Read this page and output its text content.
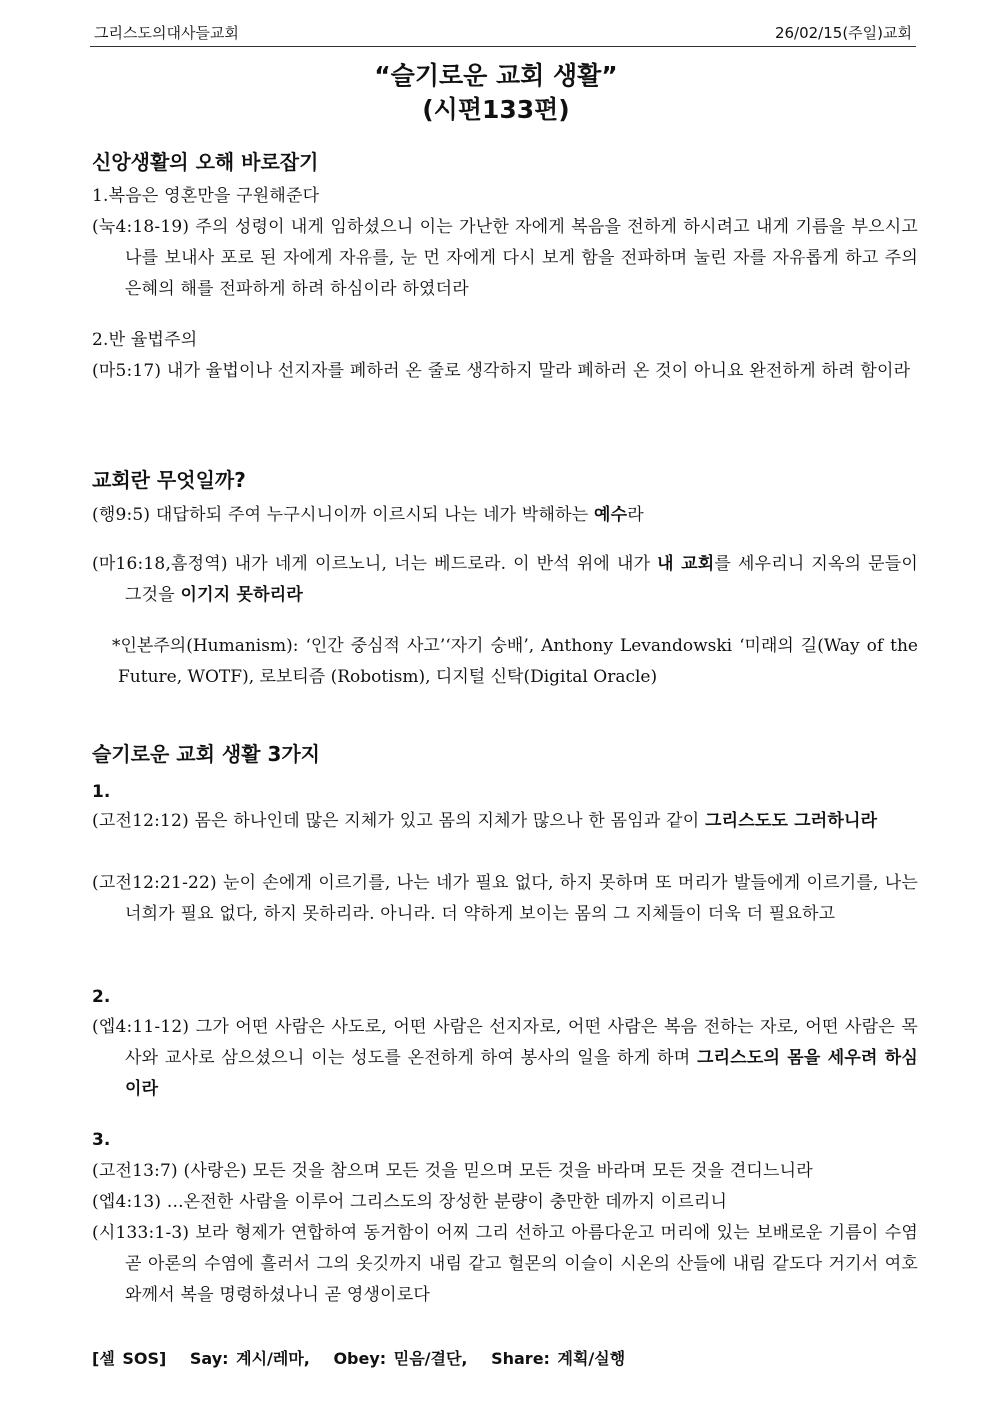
그리스도의대사들교회	26/02/15(주일)교회
“슬기로운 교회 생활”
(시편133편)
신앙생활의 오해 바로잡기
1.복음은 영혼만을 구원해준다
(눅4:18-19) 주의 성령이 내게 임하셨으니 이는 가난한 자에게 복음을 전하게 하시려고 내게 기름을 부으시고 나를 보내사 포로 된 자에게 자유를, 눈 먼 자에게 다시 보게 함을 전파하며 눌린 자를 자유롭게 하고 주의 은혜의 해를 전파하게 하려 하심이라 하였더라
2.반 율법주의
(마5:17) 내가 율법이나 선지자를 폐하러 온 줄로 생각하지 말라 폐하러 온 것이 아니요 완전하게 하려 함이라
교회란 무엇일까?
(행9:5) 대답하되 주여 누구시니이까 이르시되 나는 네가 박해하는 예수라
(마16:18,흠정역) 내가 네게 이르노니, 너는 베드로라. 이 반석 위에 내가 내 교회를 세우리니 지옥의 문들이 그것을 이기지 못하리라
*인본주의(Humanism): ‘인간 중심적 사고’‘자기 숭배’, Anthony Levandowski ‘미래의 길(Way of the Future, WOTF), 로보티즘 (Robotism), 디지털 신탁(Digital Oracle)
슬기로운 교회 생활 3가지
1.
(고전12:12) 몸은 하나인데 많은 지체가 있고 몸의 지체가 많으나 한 몸임과 같이 그리스도도 그러하니라
(고전12:21-22) 눈이 손에게 이르기를, 나는 네가 필요 없다, 하지 못하며 또 머리가 발들에게 이르기를, 나는 너희가 필요 없다, 하지 못하리라. 아니라. 더 약하게 보이는 몸의 그 지체들이 더욱 더 필요하고
2.
(엡4:11-12) 그가 어떤 사람은 사도로, 어떤 사람은 선지자로, 어떤 사람은 복음 전하는 자로, 어떤 사람은 목사와 교사로 삼으셨으니 이는 성도를 온전하게 하여 봉사의 일을 하게 하며 그리스도의 몸을 세우려 하심이라
3.
(고전13:7) (사랑은) 모든 것을 참으며 모든 것을 믿으며 모든 것을 바라며 모든 것을 견디느니라
(엡4:13) ...온전한 사람을 이루어 그리스도의 장성한 분량이 충만한 데까지 이르리니
(시133:1-3) 보라 형제가 연합하여 동거함이 어찌 그리 선하고 아름다운고 머리에 있는 보배로운 기름이 수염 곧 아론의 수염에 흘러서 그의 옷깃까지 내림 같고 헐몬의 이슬이 시온의 산들에 내림 같도다 거기서 여호와께서 복을 명령하셨나니 곧 영생이로다
[셀 SOS] Say: 계시/레마, Obey: 믿음/결단, Share: 계획/실행
